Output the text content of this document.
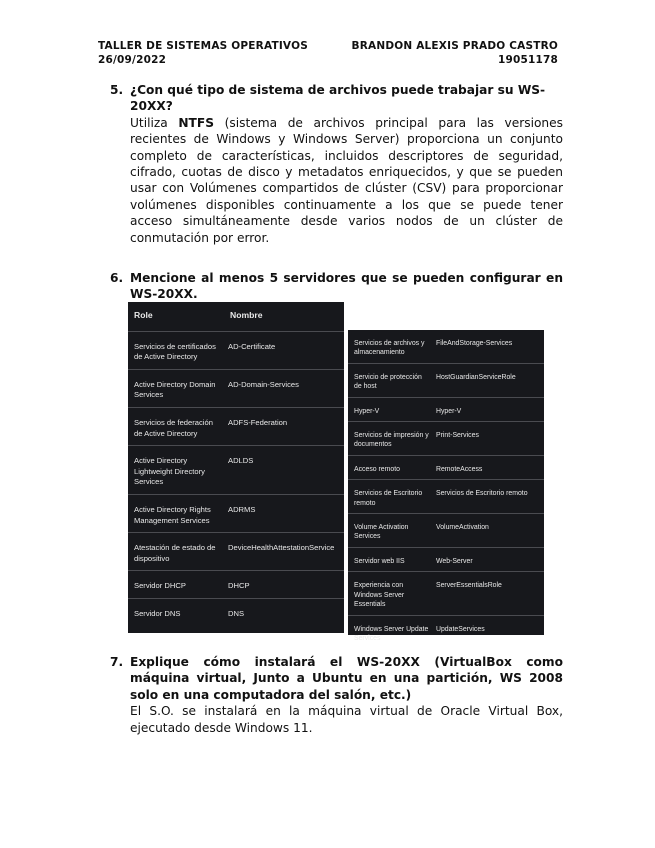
TALLER DE SISTEMAS OPERATIVOS
26/09/2022
BRANDON ALEXIS PRADO CASTRO
19051178
5. ¿Con qué tipo de sistema de archivos puede trabajar su WS-20XX?

Utiliza NTFS (sistema de archivos principal para las versiones recientes de Windows y Windows Server) proporciona un conjunto completo de características, incluidos descriptores de seguridad, cifrado, cuotas de disco y metadatos enriquecidos, y que se pueden usar con Volúmenes compartidos de clúster (CSV) para proporcionar volúmenes disponibles continuamente a los que se puede tener acceso simultáneamente desde varios nodos de un clúster de conmutación por error.

6. Mencione al menos 5 servidores que se pueden configurar en WS-20XX.

Role	Nombre
Servicios de certificados de Active Directory	AD-Certificate
Active Directory Domain Services	AD-Domain-Services
Servicios de federación de Active Directory	ADFS-Federation
Active Directory Lightweight Directory Services	ADLDS
Active Directory Rights Management Services	ADRMS
Atestación de estado de dispositivo	DeviceHealthAttestationService
Servidor DHCP	DHCP
Servidor DNS	DNS
Servicios de archivos y almacenamiento	FileAndStorage-Services
Servicio de protección de host	HostGuardianServiceRole
Hyper-V	Hyper-V
Servicios de impresión y documentos	Print-Services
Acceso remoto	RemoteAccess
Servicios de Escritorio remoto	Servicios de Escritorio remoto
Volume Activation Services	VolumeActivation
Servidor web IIS	Web-Server
Experiencia con Windows Server Essentials	ServerEssentialsRole
Windows Server Update Services	UpdateServices
7. Explique cómo instalará el WS-20XX (VirtualBox como máquina virtual, Junto a Ubuntu en una partición, WS 2008 solo en una computadora del salón, etc.)

El S.O. se instalará en la máquina virtual de Oracle Virtual Box, ejecutado desde Windows 11.
